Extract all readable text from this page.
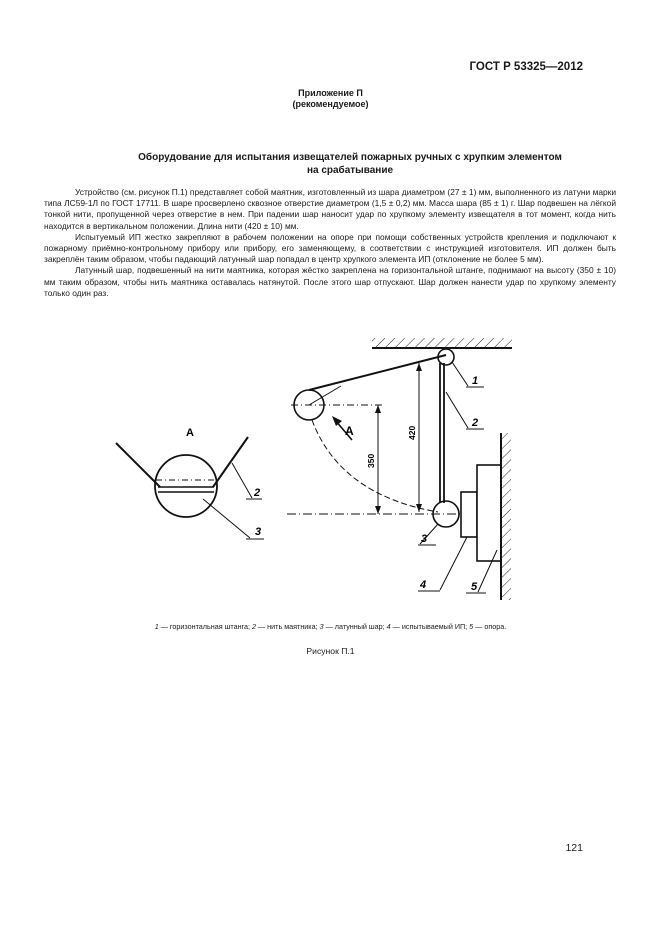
ГОСТ Р 53325—2012
Приложение П
(рекомендуемое)
Оборудование для испытания извещателей пожарных ручных с хрупким элементом
на срабатывание

Устройство (см. рисунок П.1) представляет собой маятник, изготовленный из шара диаметром (27 ± 1) мм, выполненного из латуни марки типа ЛС59-1Л по ГОСТ 17711. В шаре просверлено сквозное отверстие диаметром (1,5 ± 0,2) мм. Масса шара (85 ± 1) г. Шар подвешен на лёгкой тонкой нити, пропущенной через отверстие в нем. При падении шар наносит удар по хрупкому элементу извещателя в тот момент, когда нить находится в вертикальном положении. Длина нити (420 ± 10) мм.

Испытуемый ИП жестко закрепляют в рабочем положении на опоре при помощи собственных устройств крепления и подключают к пожарному приёмно-контрольному прибору или прибору, его заменяющему, в соответствии с инструкцией изготовителя. ИП должен быть закреплён таким образом, чтобы падающий латунный шар попадал в центр хрупкого элемента ИП (отклонение не более 5 мм).

Латунный шар, подвешенный на нити маятника, которая жёстко закреплена на горизонтальной штанге, поднимают на высоту (350 ± 10) мм таким образом, чтобы нить маятника оставалась натянутой. После этого шар отпускают. Шар должен нанести удар по хрупкому элементу только один раз.

А
2
3
А
350
420
1
2
3
4	5
1 — горизонтальная штанга; 2 — нить маятника; 3 — латунный шар; 4 — испытываемый ИП; 5 — опора.
Рисунок П.1
121
